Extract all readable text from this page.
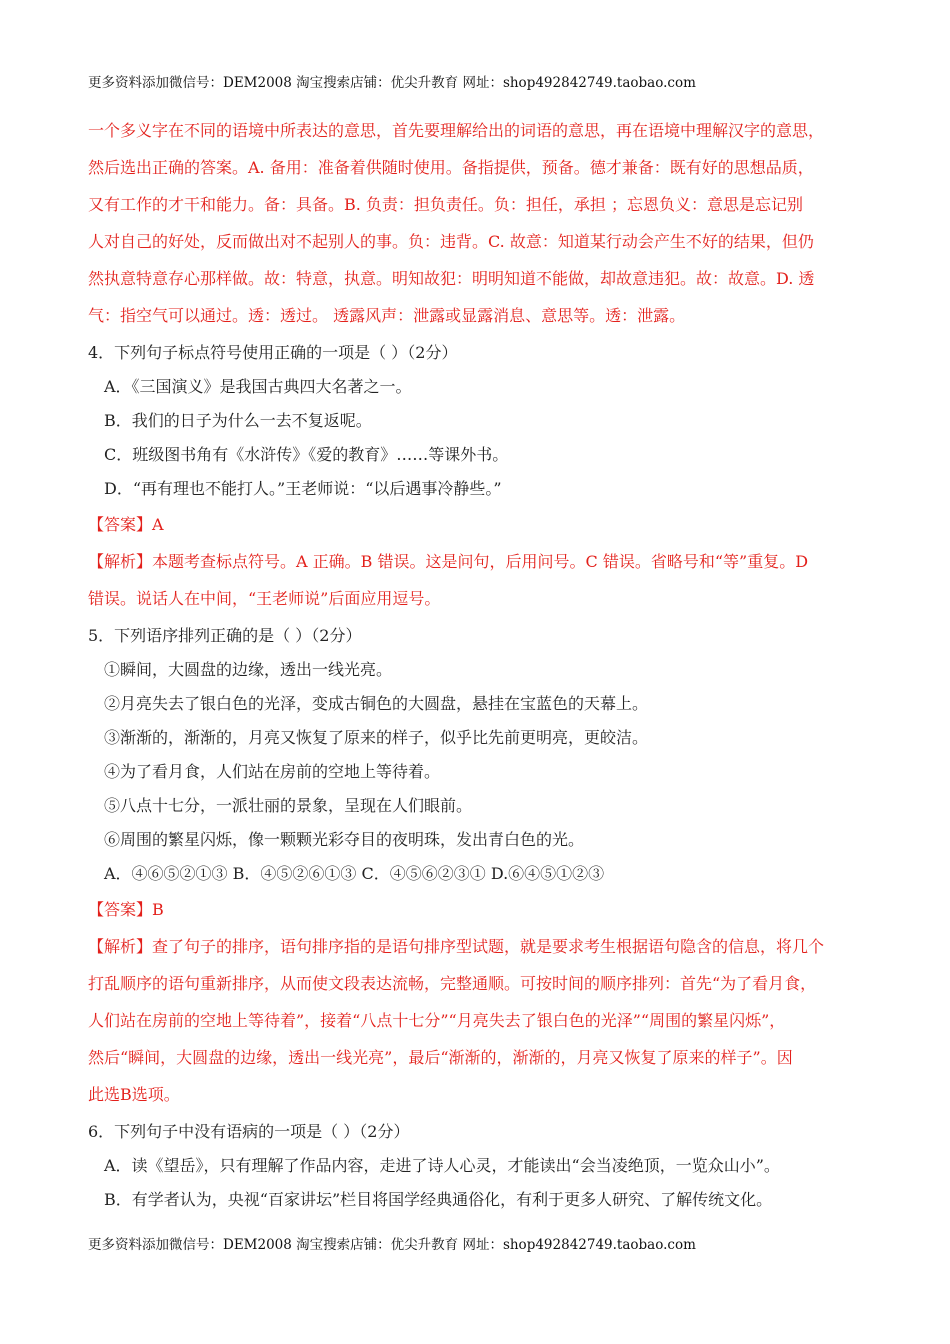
更多资料添加微信号：DEM2008 淘宝搜索店铺：优尖升教育 网址：shop492842749.taobao.com
一个多义字在不同的语境中所表达的意思，首先要理解给出的词语的意思，再在语境中理解汉字的意思，
然后选出正确的答案。A. 备用：准备着供随时使用。备指提供，预备。德才兼备：既有好的思想品质，
又有工作的才干和能力。备：具备。B. 负责：担负责任。负：担任，承担 ；忘恩负义：意思是忘记别
人对自己的好处，反而做出对不起别人的事。负：违背。C. 故意：知道某行动会产生不好的结果，但仍
然执意特意存心那样做。故：特意，执意。明知故犯：明明知道不能做，却故意违犯。故：故意。D. 透
气：指空气可以通过。透：透过。 透露风声：泄露或显露消息、意思等。透：泄露。
4．下列句子标点符号使用正确的一项是（ ）（2分）
A．《三国演义》是我国古典四大名著之一。
B．我们的日子为什么一去不复返呢。
C．班级图书角有《水浒传》《爱的教育》……等课外书。
D．“再有理也不能打人。”王老师说：“以后遇事冷静些。”
【答案】A
【解析】本题考查标点符号。A 正确。B 错误。这是问句，后用问号。C 错误。省略号和“等”重复。D
错误。说话人在中间，“王老师说”后面应用逗号。
5．下列语序排列正确的是（ ）（2分）
①瞬间，大圆盘的边缘，透出一线光亮。
②月亮失去了银白色的光泽，变成古铜色的大圆盘，悬挂在宝蓝色的天幕上。
③渐渐的，渐渐的，月亮又恢复了原来的样子，似乎比先前更明亮，更皎洁。
④为了看月食，人们站在房前的空地上等待着。
⑤八点十七分，一派壮丽的景象，呈现在人们眼前。
⑥周围的繁星闪烁，像一颗颗光彩夺目的夜明珠，发出青白色的光。
A．④⑥⑤②①③ B．④⑤②⑥①③ C．④⑤⑥②③① D.⑥④⑤①②③
【答案】B
【解析】查了句子的排序，语句排序指的是语句排序型试题，就是要求考生根据语句隐含的信息，将几个
打乱顺序的语句重新排序，从而使文段表达流畅，完整通顺。可按时间的顺序排列：首先“为了看月食，
人们站在房前的空地上等待着”，接着“八点十七分”“月亮失去了银白色的光泽”“周围的繁星闪烁”，
然后“瞬间，大圆盘的边缘，透出一线光亮”，最后“渐渐的，渐渐的，月亮又恢复了原来的样子”。因
此选B选项。
6．下列句子中没有语病的一项是（ ）（2分）
A．读《望岳》，只有理解了作品内容，走进了诗人心灵，才能读出“会当凌绝顶，一览众山小”。
B．有学者认为，央视“百家讲坛”栏目将国学经典通俗化，有利于更多人研究、了解传统文化。
更多资料添加微信号：DEM2008 淘宝搜索店铺：优尖升教育 网址：shop492842749.taobao.com
